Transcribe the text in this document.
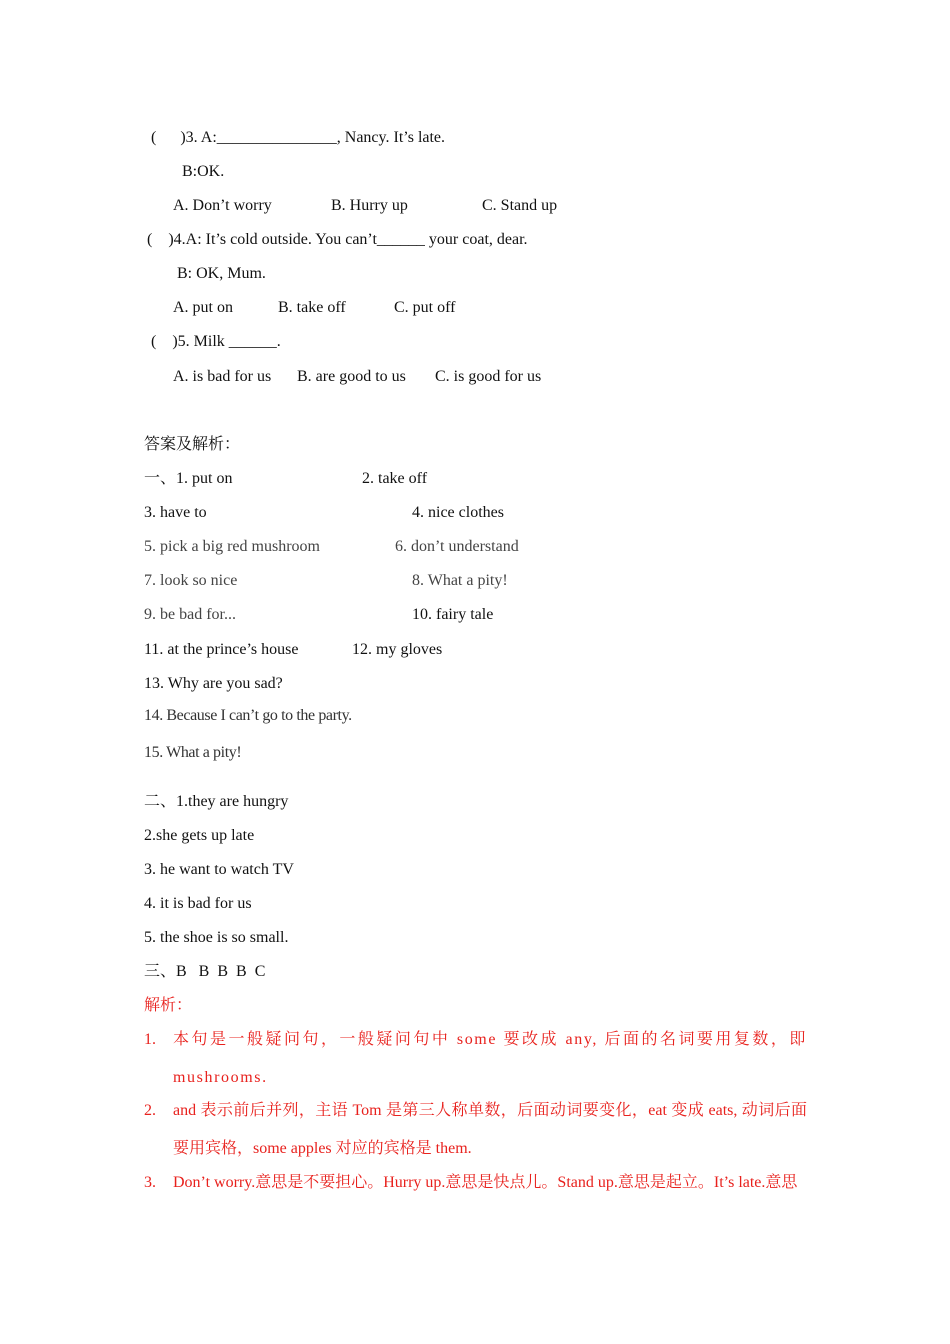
(      )3. A:_______________, Nancy. It’s late.
B:OK.
A. Don’t worry	B. Hurry up	C. Stand up
(    )4.A: It’s cold outside. You can’t______ your coat, dear.
B: OK, Mum.
A. put on	B. take off	C. put off
(    )5. Milk ______.
A. is bad for us B. are good to us C. is good for us
答案及解析：
一、1. put on	2. take off
3. have to	4. nice clothes
5. pick a big red mushroom	6. don’t understand
7. look so nice	8. What a pity!
9. be bad for...	10. fairy tale
11. at the prince’s house	12. my gloves
13. Why are you sad?
14. Because I can’t go to the party.
15. What a pity!
二、1.they are hungry
2.she gets up late
3. he want to watch TV
4. it is bad for us
5. the shoe is so small.
三、B   B  B  B  C
解析：
1. 本句是一般疑问句，一般疑问句中 some 要改成 any, 后面的名词要用复数，即 mushrooms.
2. and 表示前后并列，主语 Tom 是第三人称单数，后面动词要变化，eat 变成 eats, 动词后面要用宾格，some apples 对应的宾格是 them.
3. Don’t worry.意思是不要担心。Hurry up.意思是快点儿。Stand up.意思是起立。It’s late.意思
